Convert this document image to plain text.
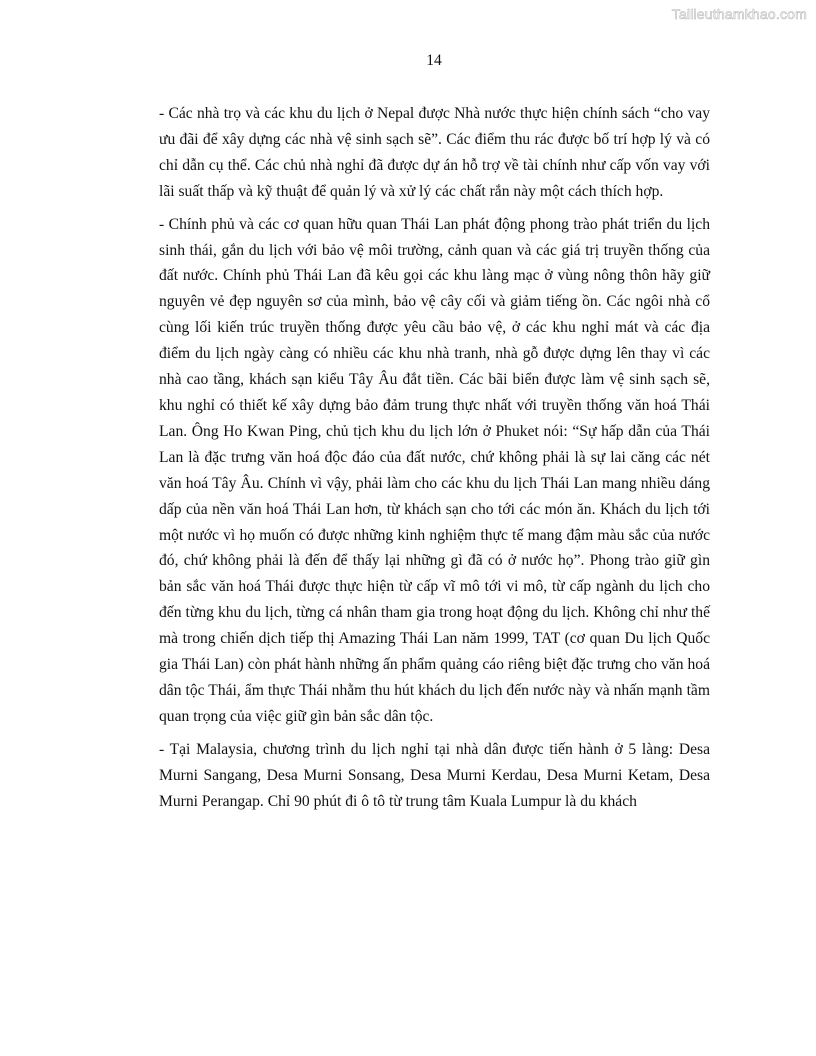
Tailieuthamkhao.com
14

- Các nhà trọ và các khu du lịch ở Nepal được Nhà nước thực hiện chính sách “cho vay ưu đãi để xây dựng các nhà vệ sinh sạch sẽ”. Các điểm thu rác được bố trí hợp lý và có chỉ dẫn cụ thể. Các chủ nhà nghỉ đã được dự án hỗ trợ về tài chính như cấp vốn vay với lãi suất thấp và kỹ thuật để quản lý và xử lý các chất rắn này một cách thích hợp.

- Chính phủ và các cơ quan hữu quan Thái Lan phát động phong trào phát triển du lịch sinh thái, gắn du lịch với bảo vệ môi trường, cảnh quan và các giá trị truyền thống của đất nước. Chính phủ Thái Lan đã kêu gọi các khu làng mạc ở vùng nông thôn hãy giữ nguyên vẻ đẹp nguyên sơ của mình, bảo vệ cây cối và giảm tiếng ồn. Các ngôi nhà cổ cùng lối kiến trúc truyền thống được yêu cầu bảo vệ, ở các khu nghỉ mát và các địa điểm du lịch ngày càng có nhiều các khu nhà tranh, nhà gỗ được dựng lên thay vì các nhà cao tầng, khách sạn kiểu Tây Âu đắt tiền. Các bãi biển được làm vệ sinh sạch sẽ, khu nghỉ có thiết kế xây dựng bảo đảm trung thực nhất với truyền thống văn hoá Thái Lan. Ông Ho Kwan Ping, chủ tịch khu du lịch lớn ở Phuket nói: “Sự hấp dẫn của Thái Lan là đặc trưng văn hoá độc đáo của đất nước, chứ không phải là sự lai căng các nét văn hoá Tây Âu. Chính vì vậy, phải làm cho các khu du lịch Thái Lan mang nhiều dáng dấp của nền văn hoá Thái Lan hơn, từ khách sạn cho tới các món ăn. Khách du lịch tới một nước vì họ muốn có được những kinh nghiệm thực tế mang đậm màu sắc của nước đó, chứ không phải là đến để thấy lại những gì đã có ở nước họ”. Phong trào giữ gìn bản sắc văn hoá Thái được thực hiện từ cấp vĩ mô tới vi mô, từ cấp ngành du lịch cho đến từng khu du lịch, từng cá nhân tham gia trong hoạt động du lịch. Không chỉ như thế mà trong chiến dịch tiếp thị Amazing Thái Lan năm 1999, TAT (cơ quan Du lịch Quốc gia Thái Lan) còn phát hành những ấn phẩm quảng cáo riêng biệt đặc trưng cho văn hoá dân tộc Thái, ẩm thực Thái nhằm thu hút khách du lịch đến nước này và nhấn mạnh tầm quan trọng của việc giữ gìn bản sắc dân tộc.

- Tại Malaysia, chương trình du lịch nghỉ tại nhà dân được tiến hành ở 5 làng: Desa Murni Sangang, Desa Murni Sonsang, Desa Murni Kerdau, Desa Murni Ketam, Desa Murni Perangap. Chỉ 90 phút đi ô tô từ trung tâm Kuala Lumpur là du khách
